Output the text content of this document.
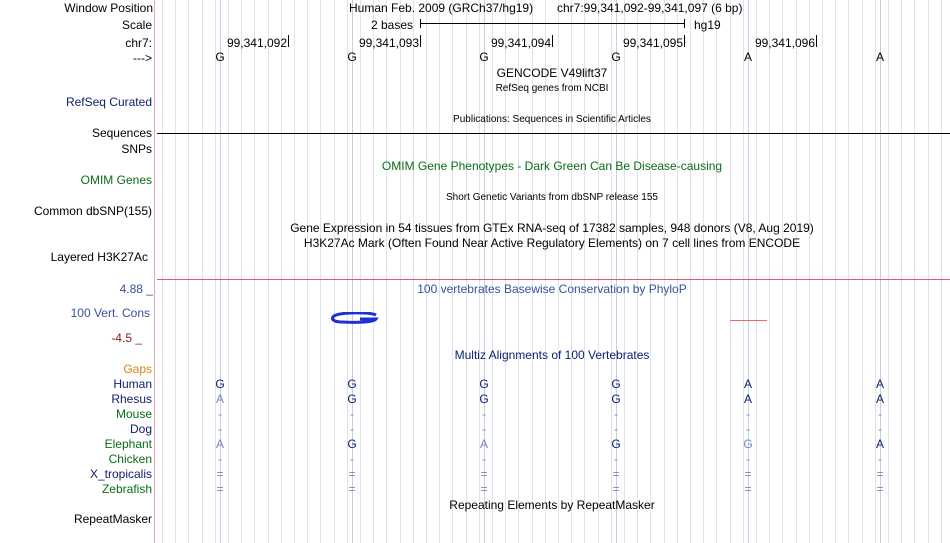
Window Position	Human Feb. 2009 (GRCh37/hg19) chr7:99,341,092-99,341,097 (6 bp)
Scale	2 bases	hg19
chr7:	99,341,092	99,341,093	99,341,094	99,341,095	99,341,096
--->	G	G	G	G	A	A
GENCODE V49lift37
RefSeq genes from NCBI
RefSeq Curated
Publications: Sequences in Scientific Articles
Sequences
SNPs
OMIM Gene Phenotypes - Dark Green Can Be Disease-causing
OMIM Genes
Short Genetic Variants from dbSNP release 155
Common dbSNP(155)
Gene Expression in 54 tissues from GTEx RNA-seq of 17382 samples, 948 donors (V8, Aug 2019)
H3K27Ac Mark (Often Found Near Active Regulatory Elements) on 7 cell lines from ENCODE
Layered H3K27Ac
4.88 _	100 vertebrates Basewise Conservation by PhyloP
100 Vert. Cons
-4.5 _
Multiz Alignments of 100 Vertebrates
Gaps
Human	G	G	G	G	A	A
Rhesus	A	G	G	G	A	A
Mouse	-	-	-	-	-	-
Dog	-	-	-	-	-	-
Elephant	A	G	A	G	G	A
Chicken	-	-	-	-	-	-
X_tropicalis	=	=	=	=	=	=
Zebrafish	=	=	=	=	=	=
Repeating Elements by RepeatMasker
RepeatMasker
